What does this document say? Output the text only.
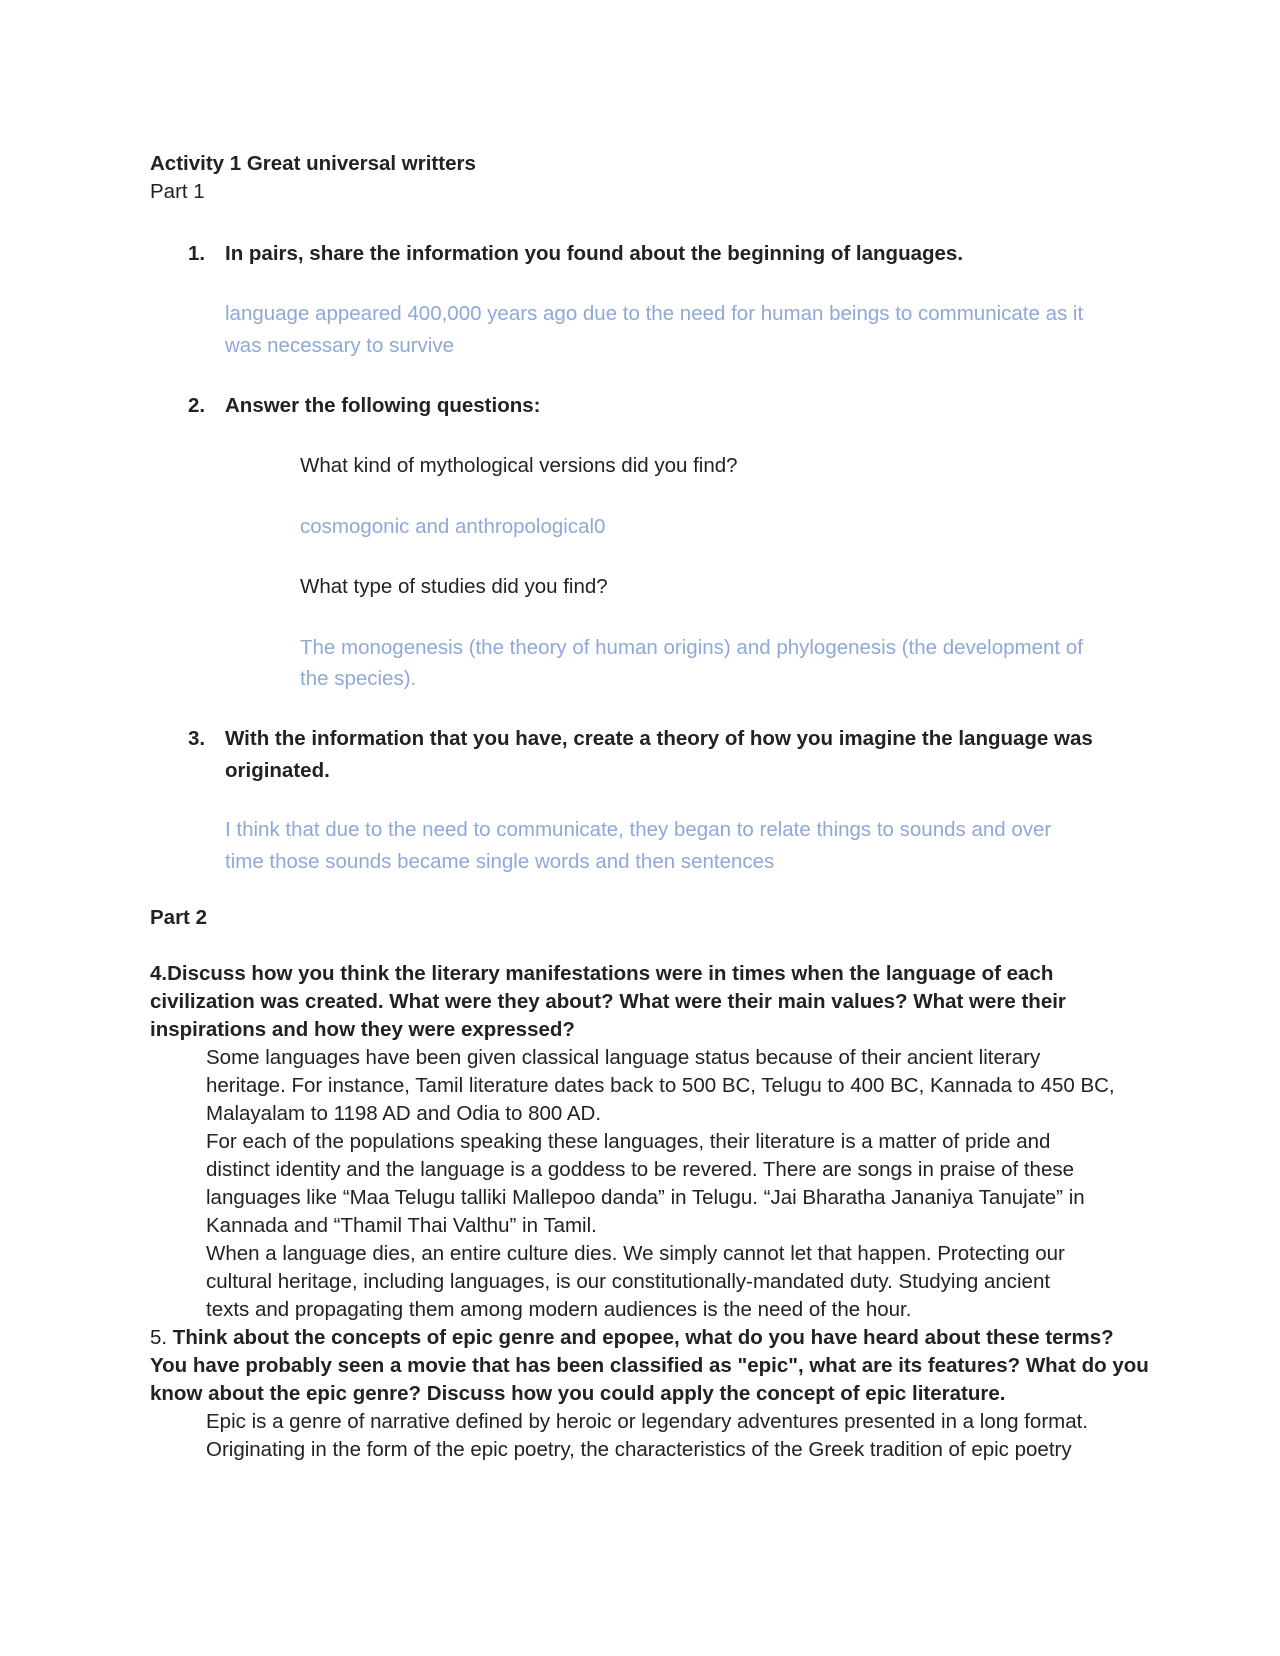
Activity 1 Great universal writters

Part 1

1. In pairs, share the information you found about the beginning of languages.

language appeared 400,000 years ago due to the need for human beings to communicate as it

was necessary to survive

2. Answer the following questions:

What kind of mythological versions did you find?

cosmogonic and anthropological0

What type of studies did you find?

The monogenesis (the theory of human origins) and phylogenesis (the development of

the species).

3. With the information that you have, create a theory of how you imagine the language was

originated.

I think that due to the need to communicate, they began to relate things to sounds and over

time those sounds became single words and then sentences

Part 2

4.Discuss how you think the literary manifestations were in times when the language of each

civilization was created. What were they about? What were their main values? What were their

inspirations and how they were expressed?

Some languages have been given classical language status because of their ancient literary

heritage. For instance, Tamil literature dates back to 500 BC, Telugu to 400 BC, Kannada to 450 BC,

Malayalam to 1198 AD and Odia to 800 AD.

For each of the populations speaking these languages, their literature is a matter of pride and

distinct identity and the language is a goddess to be revered. There are songs in praise of these

languages like “Maa Telugu talliki Mallepoo danda” in Telugu. “Jai Bharatha Jananiya Tanujate” in

Kannada and “Thamil Thai Valthu” in Tamil.

When a language dies, an entire culture dies. We simply cannot let that happen. Protecting our

cultural heritage, including languages, is our constitutionally-mandated duty. Studying ancient

texts and propagating them among modern audiences is the need of the hour.

5. Think about the concepts of epic genre and epopee, what do you have heard about these terms?

You have probably seen a movie that has been classified as "epic", what are its features? What do you

know about the epic genre? Discuss how you could apply the concept of epic literature.

Epic is a genre of narrative defined by heroic or legendary adventures presented in a long format.

Originating in the form of the epic poetry, the characteristics of the Greek tradition of epic poetry
